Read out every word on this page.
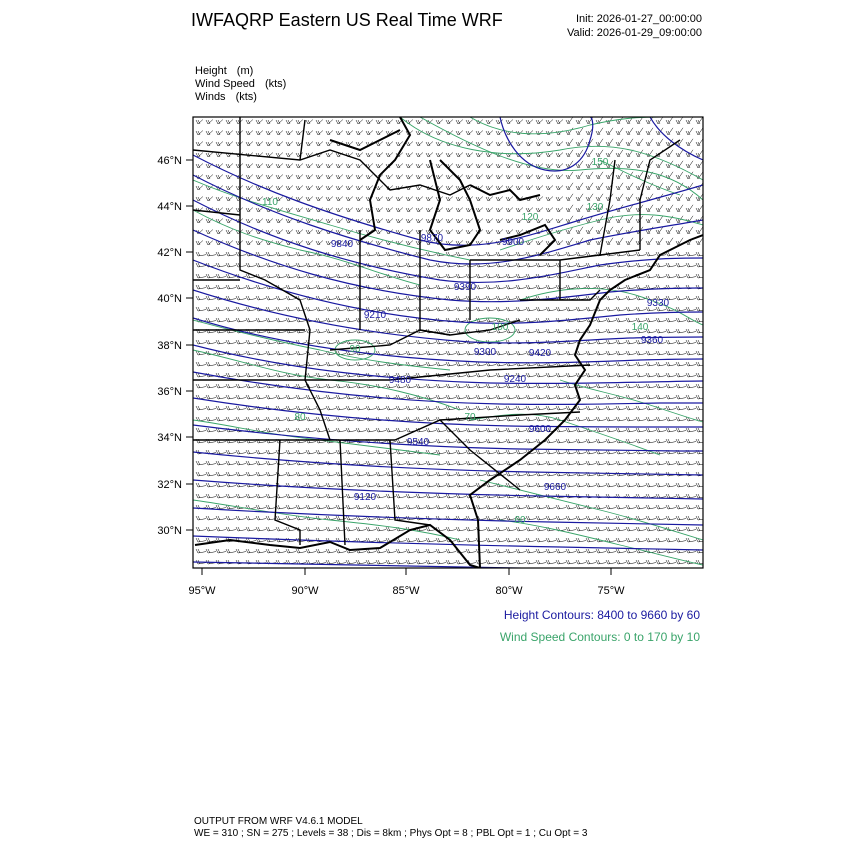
IWFAQRP Eastern US Real Time WRF	Init: 2026-01-27_00:00:00
Valid: 2026-01-29_09:00:00
Height (m)
Wind Speed (kts)
Winds (kts)
46°N
44°N
42°N
40°N
38°N
36°N
34°N
32°N
30°N
95°W	90°W	85°W	80°W	75°W
9840
9870	9900
9210
9330
9360
9420
9480
9540
9600
9660
9120
9240
9300
9390
110
120
130
100
90
80
60
70
140
150
Height Contours: 8400 to 9660 by 60
Wind Speed Contours: 0 to 170 by 10
OUTPUT FROM WRF V4.6.1 MODEL
WE = 310 ; SN = 275 ; Levels = 38 ; Dis = 8km ; Phys Opt = 8 ; PBL Opt = 1 ; Cu Opt = 3
